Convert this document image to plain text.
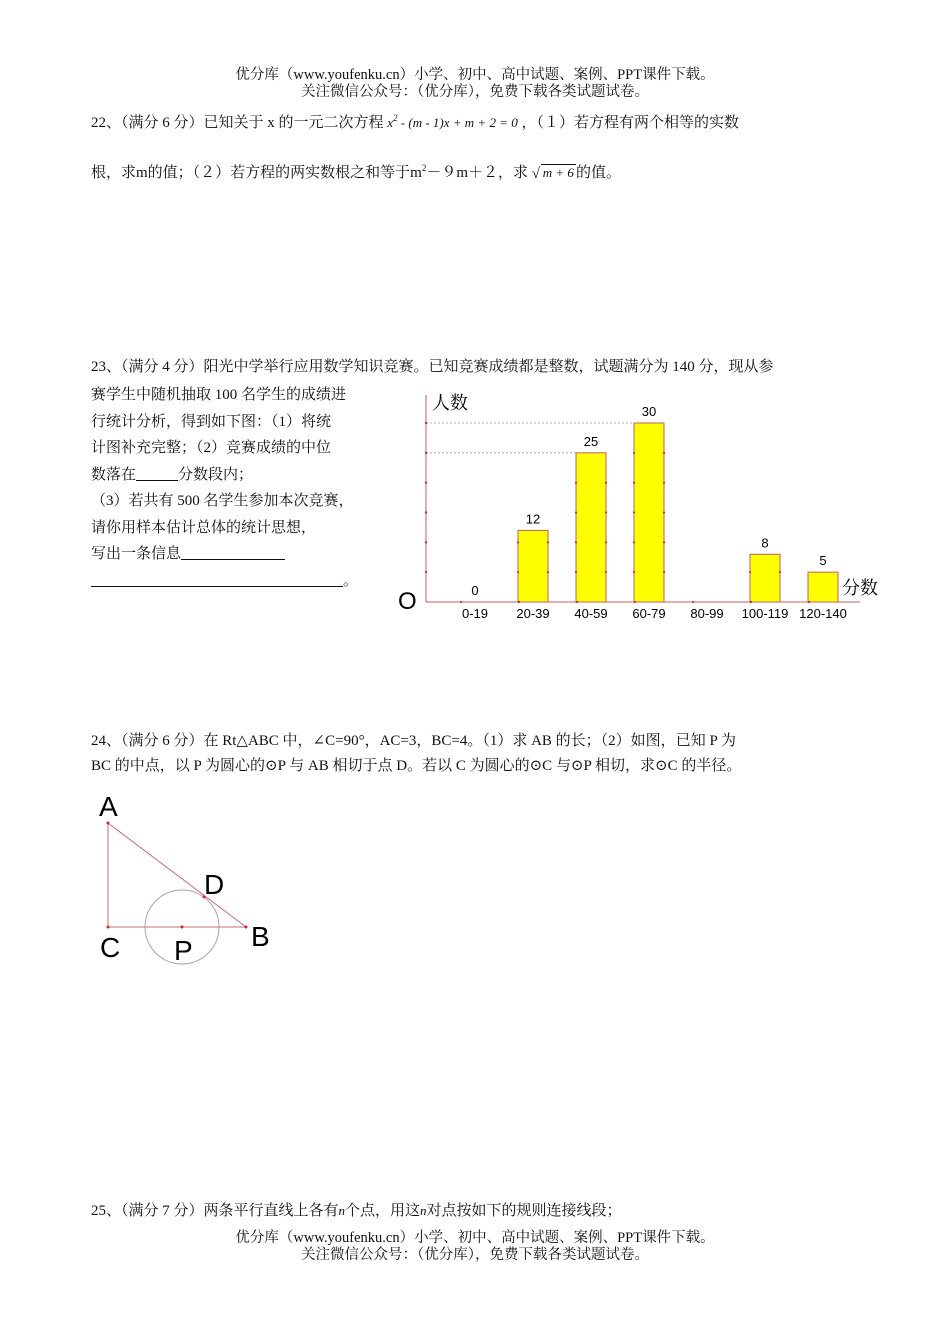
优分库（www.youfenku.cn）小学、初中、高中试题、案例、PPT课件下载。
关注微信公众号：（优分库），免费下载各类试题试卷。
22、（满分 6 分）已知关于 x 的一元二次方程 $x^2 - (m - 1)x + m + 2 = 0$ ，（１）若方程有两个相等的实数
根，求m的值；（２）若方程的两实数根之和等于$m^2-9m+2$，求 √ m + 6 的值。
23、（满分 4 分）阳光中学举行应用数学知识竞赛。已知竞赛成绩都是整数，试题满分为 140 分，现从参
赛学生中随机抽取 100 名学生的成绩进
行统计分析，得到如下图：（1）将统
计图补充完整；（2）竞赛成绩的中位
数落在	分数段内；
（3）若共有 500 名学生参加本次竞赛，
请你用样本估计总体的统计思想，
写出一条信息
。
人数
分数
O	0
12
25
30
8
5
0-19 20-39 40-59 60-79 80-99 100-119 120-140
24、（满分 6 分）在 Rt△ABC 中，∠C=90°，AC=3，BC=4。（1）求 AB 的长；（2）如图，已知 P 为
BC 的中点，以 P 为圆心的⊙P 与 AB 相切于点 D。若以 C 为圆心的⊙C 与⊙P 相切，求⊙C 的半径。
A
D
B
C P
25、（满分 7 分）两条平行直线上各有n个点，用这n对点按如下的规则连接线段；
优分库（www.youfenku.cn）小学、初中、高中试题、案例、PPT课件下载。
关注微信公众号：（优分库），免费下载各类试题试卷。
